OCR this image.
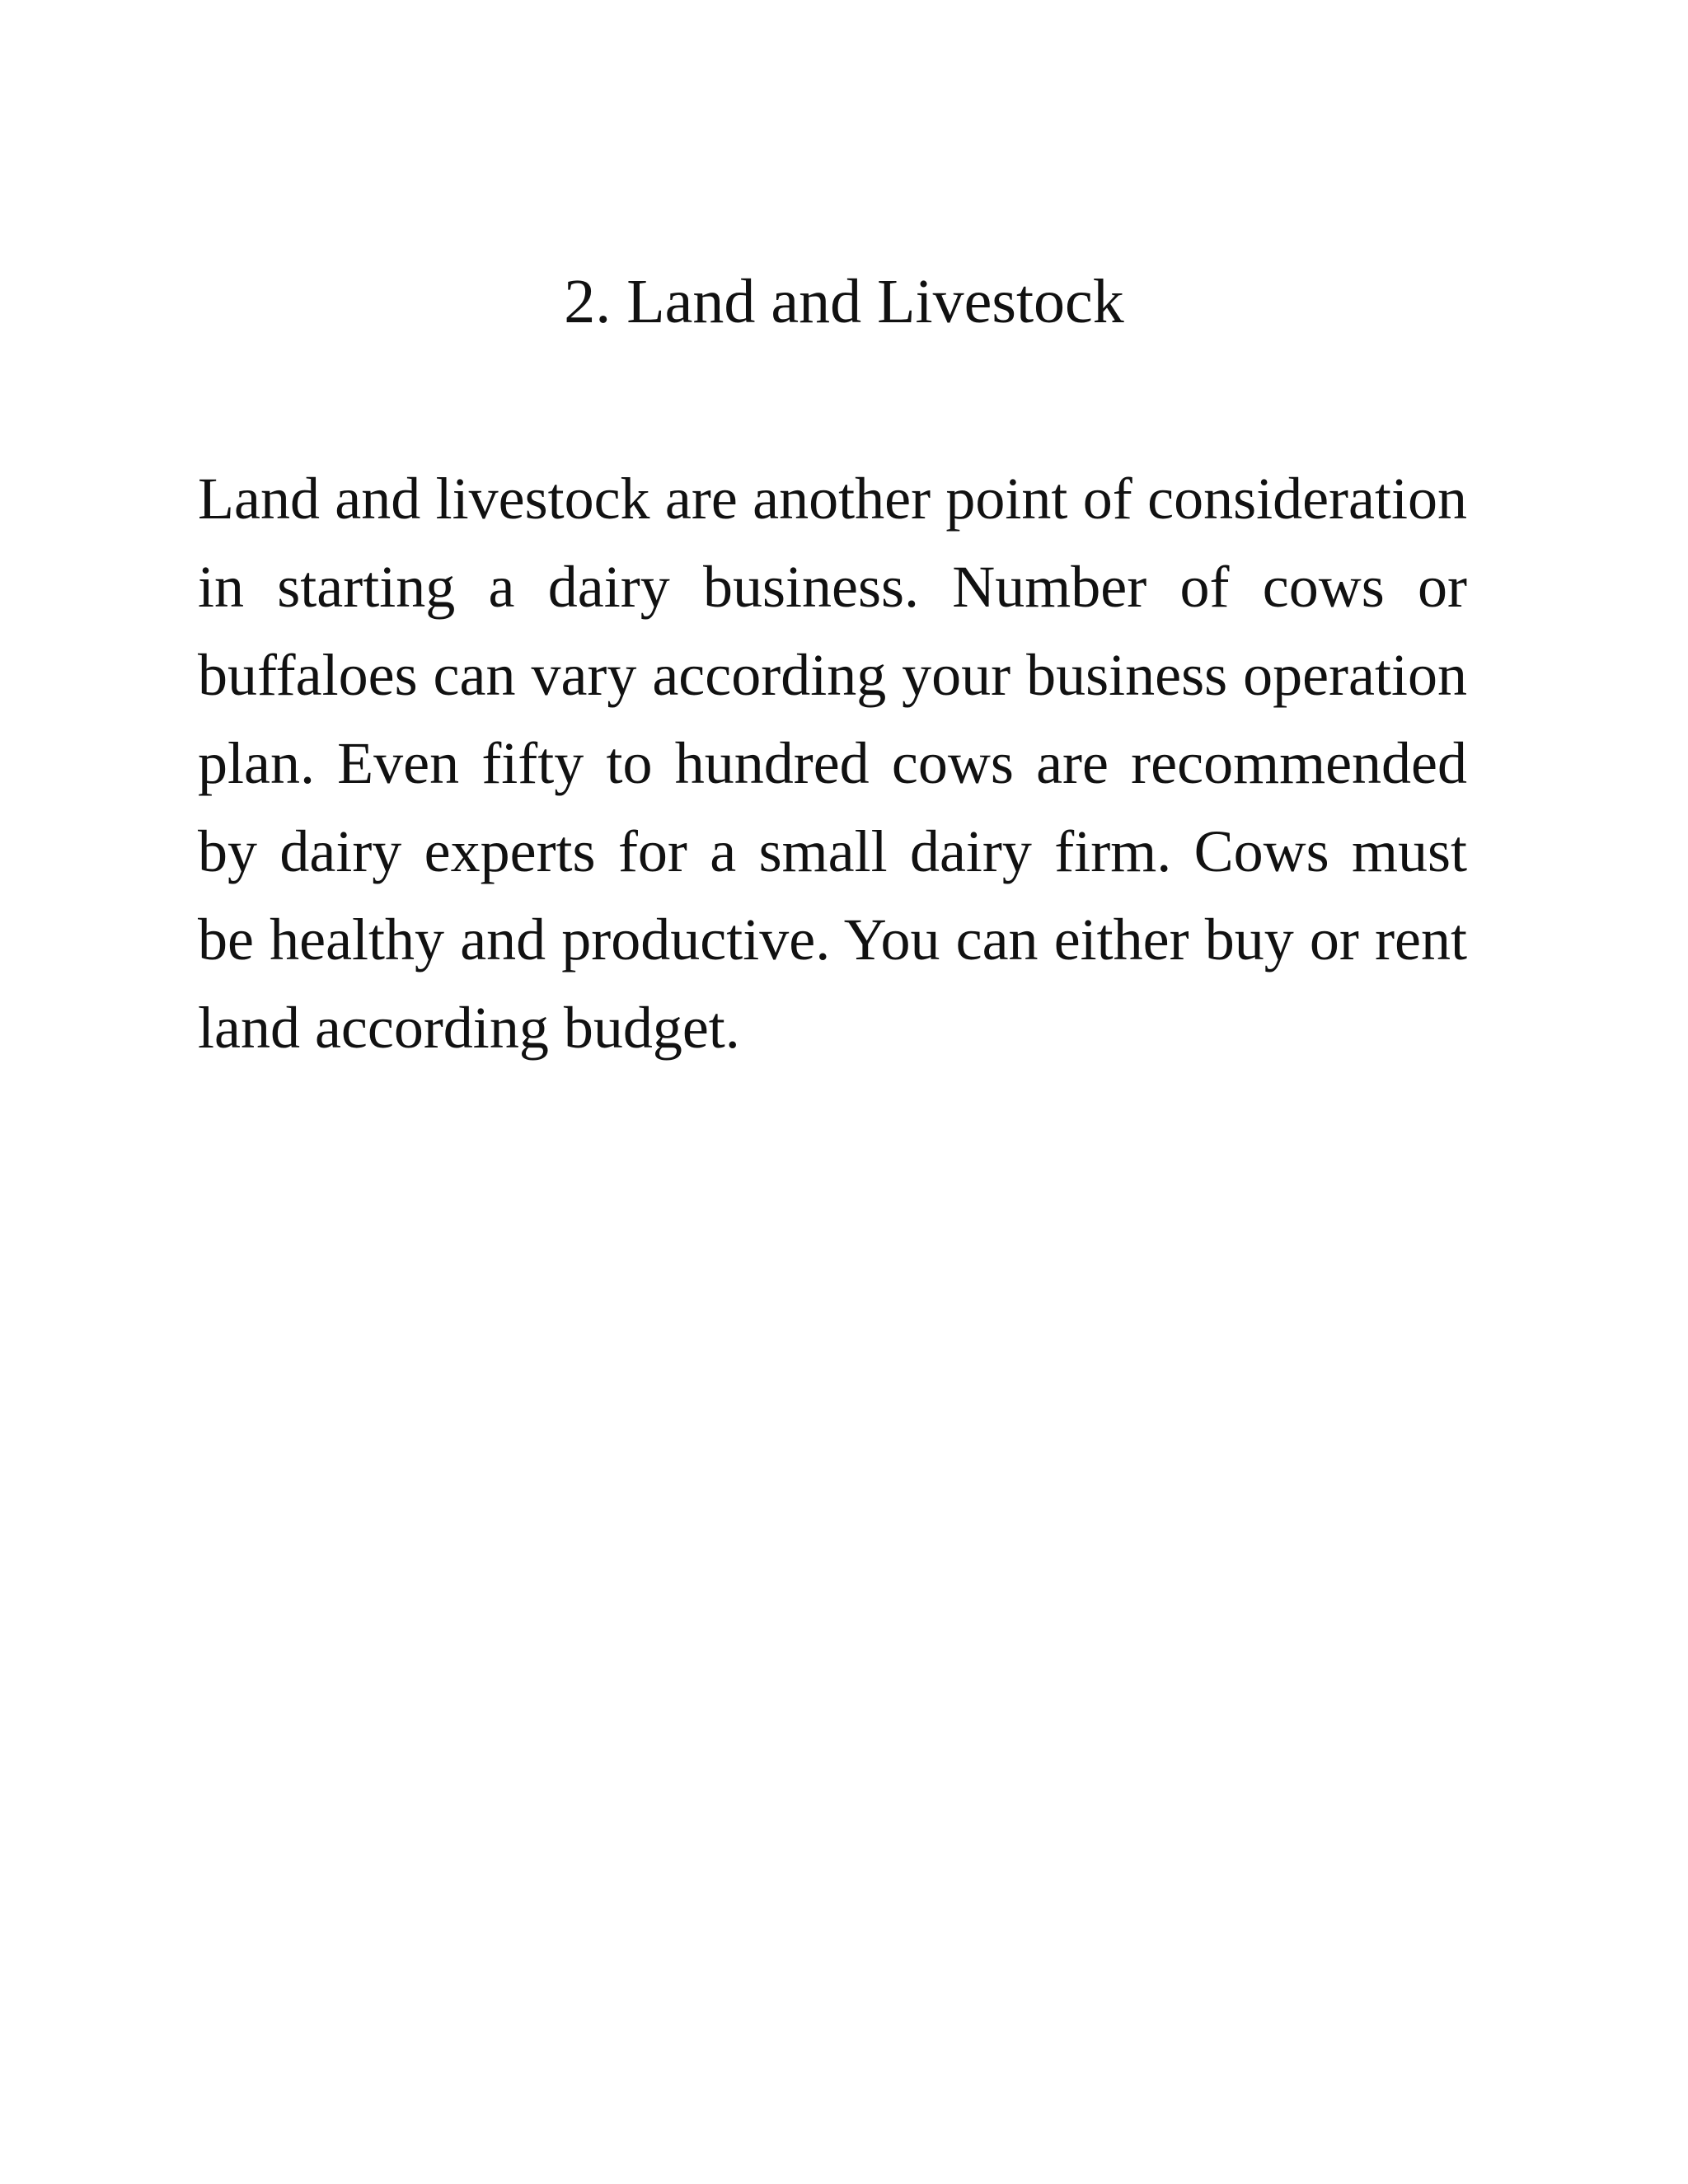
2. Land and Livestock

Land and livestock are another point of consideration in starting a dairy business. Number of cows or buffaloes can vary according your business operation plan. Even fifty to hundred cows are recommended by dairy experts for a small dairy firm. Cows must be healthy and productive. You can either buy or rent land according budget.
